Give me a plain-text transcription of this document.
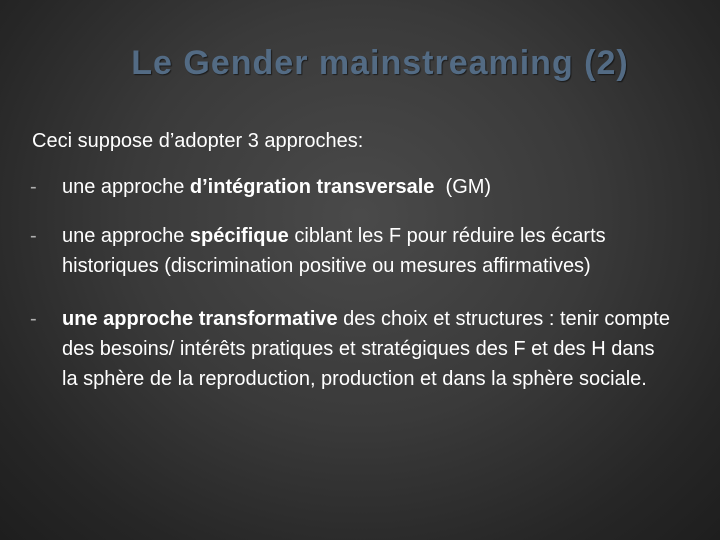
Le Gender mainstreaming (2)
Ceci suppose d’adopter 3 approches:
- une approche d’intégration transversale  (GM)
- une approche spécifique ciblant les F pour réduire les écarts historiques (discrimination positive ou mesures affirmatives)
- une approche transformative des choix et structures : tenir compte des besoins/ intérêts pratiques et stratégiques des F et des H dans la sphère de la reproduction, production et dans la sphère sociale.
